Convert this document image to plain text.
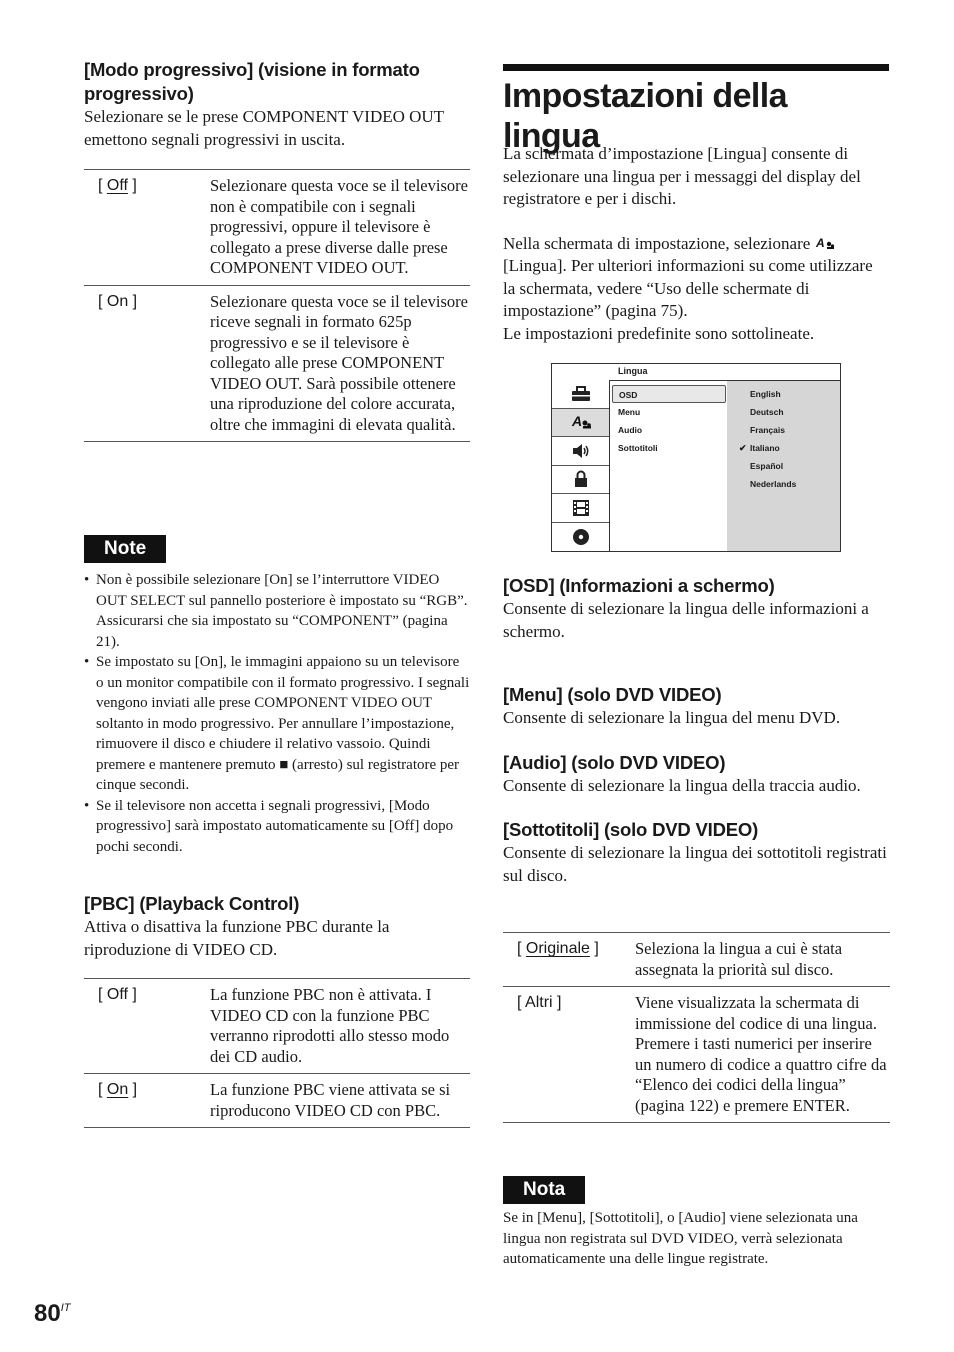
[Modo progressivo] (visione in formato progressivo)
Selezionare se le prese COMPONENT VIDEO OUT emettono segnali progressivi in uscita.
[ Off ]	Selezionare questa voce se il televisore non è compatibile con i segnali progressivi, oppure il televisore è collegato a prese diverse dalle prese COMPONENT VIDEO OUT.
[ On ]	Selezionare questa voce se il televisore riceve segnali in formato 625p progressivo e se il televisore è collegato alle prese COMPONENT VIDEO OUT. Sarà possibile ottenere una riproduzione del colore accurata, oltre che immagini di elevata qualità.
Note
• Non è possibile selezionare [On] se l’interruttore VIDEO OUT SELECT sul pannello posteriore è impostato su “RGB”. Assicurarsi che sia impostato su “COMPONENT” (pagina 21).
• Se impostato su [On], le immagini appaiono su un televisore o un monitor compatibile con il formato progressivo. I segnali vengono inviati alle prese COMPONENT VIDEO OUT soltanto in modo progressivo. Per annullare l’impostazione, rimuovere il disco e chiudere il relativo vassoio. Quindi premere e mantenere premuto ■ (arresto) sul registratore per cinque secondi.
• Se il televisore non accetta i segnali progressivi, [Modo progressivo] sarà impostato automaticamente su [Off] dopo pochi secondi.
[PBC] (Playback Control)
Attiva o disattiva la funzione PBC durante la riproduzione di VIDEO CD.
[ Off ]	La funzione PBC non è attivata. I VIDEO CD con la funzione PBC verranno riprodotti allo stesso modo dei CD audio.
[ On ]	La funzione PBC viene attivata se si riproducono VIDEO CD con PBC.
Impostazioni della lingua

La schermata d’impostazione [Lingua] consente di selezionare una lingua per i messaggi del display del registratore e per i dischi.

Nella schermata di impostazione, selezionare A
[Lingua]. Per ulteriori informazioni su come utilizzare la schermata, vedere “Uso delle schermate di impostazione” (pagina 75).

Le impostazioni predefinite sono sottolineate.

Lingua
A
OSD
Menu
Audio
Sottotitoli
English
Deutsch
Français
✔ Italiano
Español
Nederlands
[OSD] (Informazioni a schermo)
Consente di selezionare la lingua delle informazioni a schermo.
[Menu] (solo DVD VIDEO)
Consente di selezionare la lingua del menu DVD.
[Audio] (solo DVD VIDEO)
Consente di selezionare la lingua della traccia audio.
[Sottotitoli] (solo DVD VIDEO)
Consente di selezionare la lingua dei sottotitoli registrati sul disco.
[ Originale ]	Seleziona la lingua a cui è stata assegnata la priorità sul disco.
[ Altri ]	Viene visualizzata la schermata di immissione del codice di una lingua. Premere i tasti numerici per inserire un numero di codice a quattro cifre da “Elenco dei codici della lingua” (pagina 122) e premere ENTER.
Nota
Se in [Menu], [Sottotitoli], o [Audio] viene selezionata una lingua non registrata sul DVD VIDEO, verrà selezionata automaticamente una delle lingue registrate.
$80^{IT}$
